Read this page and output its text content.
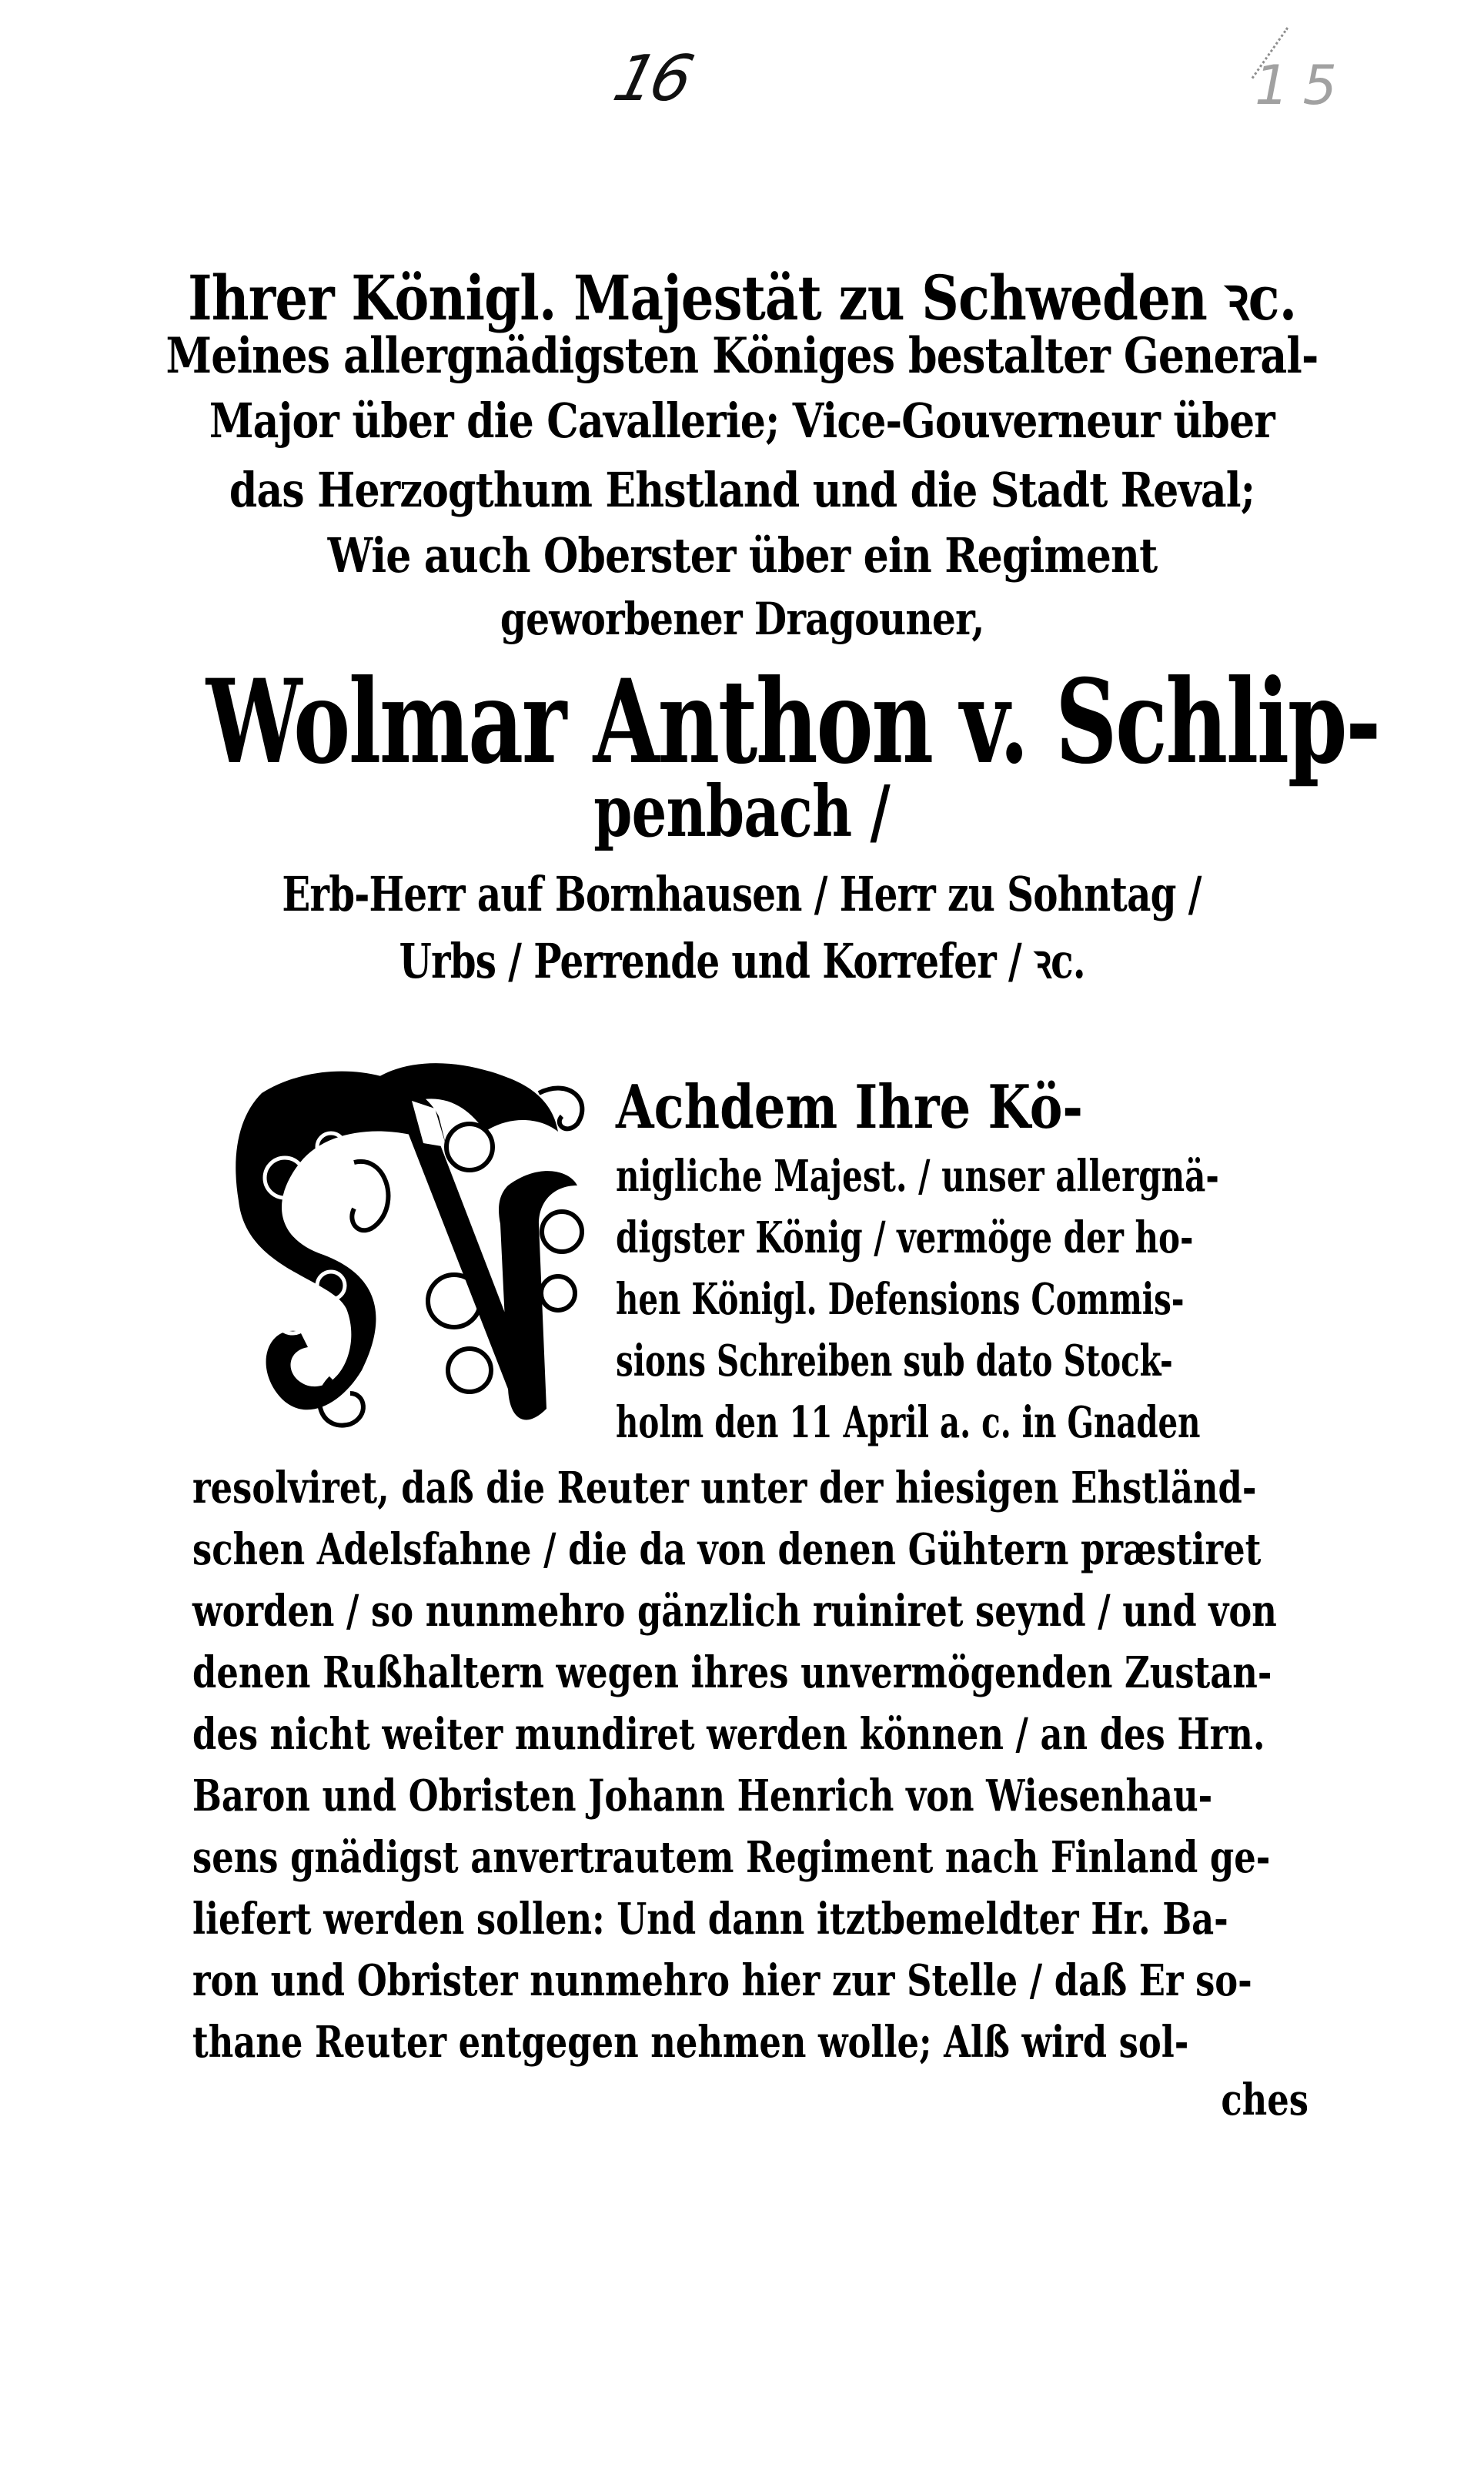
16	15
Ihrer Königl. Majestät zu Schweden ꝛc.
Meines allergnädigsten Königes bestalter General-
Major über die Cavallerie; Vice-Gouverneur über
das Herzogthum Ehstland und die Stadt Reval;
Wie auch Oberster über ein Regiment
geworbener Dragouner,
Wolmar Anthon v. Schlip-
penbach /
Erb-Herr auf Bornhausen / Herr zu Sohntag /
Urbs / Perrende und Korrefer / ꝛc.
Achdem Ihre Kö-
nigliche Majest. / unser allergnä-
digster König / vermöge der ho-
hen Königl. Defensions Commis-
sions Schreiben sub dato Stock-
holm den 11 April a. c. in Gnaden
resolviret, daß die Reuter unter der hiesigen Ehstländ-
schen Adelsfahne / die da von denen Gühtern præstiret
worden / so nunmehro gänzlich ruiniret seynd / und von
denen Rußhaltern wegen ihres unvermögenden Zustan-
des nicht weiter mundiret werden können / an des Hrn.
Baron und Obristen Johann Henrich von Wiesenhau-
sens gnädigst anvertrautem Regiment nach Finland ge-
liefert werden sollen: Und dann itztbemeldter Hr. Ba-
ron und Obrister nunmehro hier zur Stelle / daß Er so-
thane Reuter entgegen nehmen wolle; Alß wird sol-
ches
